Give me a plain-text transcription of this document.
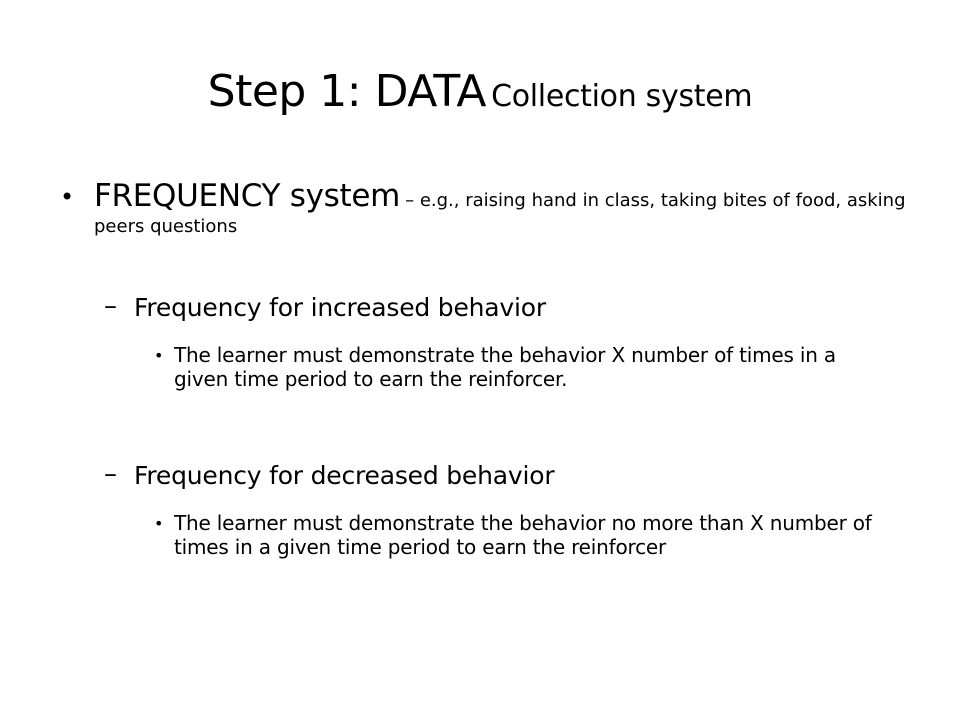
Step 1: DATA Collection system
• FREQUENCY system – e.g., raising hand in class, taking bites of food, asking peers questions
– Frequency for increased behavior
• The learner must demonstrate the behavior X number of times in a given time period to earn the reinforcer.
– Frequency for decreased behavior
• The learner must demonstrate the behavior no more than X number of times in a given time period to earn the reinforcer
